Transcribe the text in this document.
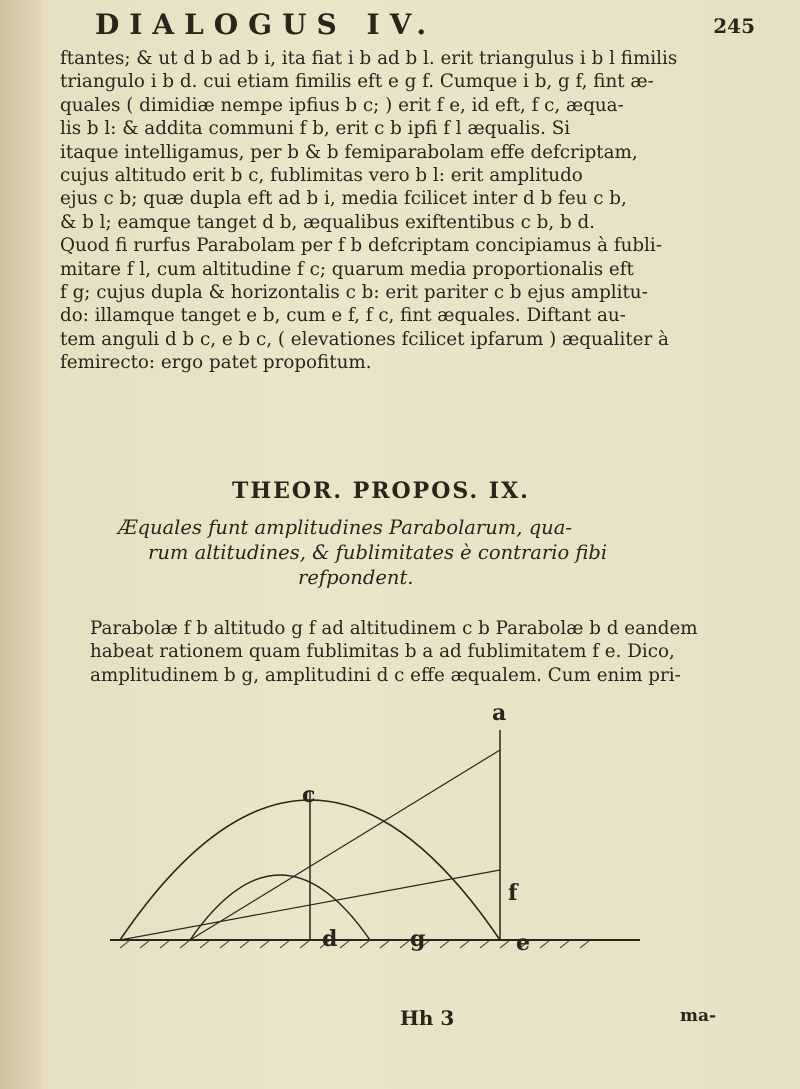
DIALOGUS IV.	245
ftantes; & ut d b ad b i, ita fiat i b ad b l. erit triangulus i b l fimilis
triangulo i b d. cui etiam fimilis eft e g f. Cumque i b, g f, fint æ-
quales ( dimidiæ nempe ipfius b c; ) erit f e, id eft, f c, æqua-
lis b l: & addita communi f b, erit c b ipfi f l æqualis. Si
itaque intelligamus, per b & b femiparabolam effe defcriptam,
cujus altitudo erit b c, fublimitas vero b l: erit amplitudo
ejus c b; quæ dupla eft ad b i, media fcilicet inter d b feu c b,
& b l; eamque tanget d b, æqualibus exiftentibus c b, b d.
Quod fi rurfus Parabolam per f b defcriptam concipiamus à fubli-
mitare f l, cum altitudine f c; quarum media proportionalis eft
f g; cujus dupla & horizontalis c b: erit pariter c b ejus amplitu-
do: illamque tanget e b, cum e f, f c, fint æquales. Diftant au-
tem anguli d b c, e b c, ( elevationes fcilicet ipfarum ) æqualiter à
femirecto: ergo patet propofitum.
THEOR. PROPOS. IX.
Æquales funt amplitudines Parabolarum, qua-
rum altitudines, & fublimitates è contrario fibi
refpondent.
Parabolæ f b altitudo g f ad altitudinem c b Parabolæ b d eandem
habeat rationem quam fublimitas b a ad fublimitatem f e. Dico,
amplitudinem b g, amplitudini d c effe æqualem. Cum enim pri-
c
f
g
d	e
a
Hh 3	ma-
